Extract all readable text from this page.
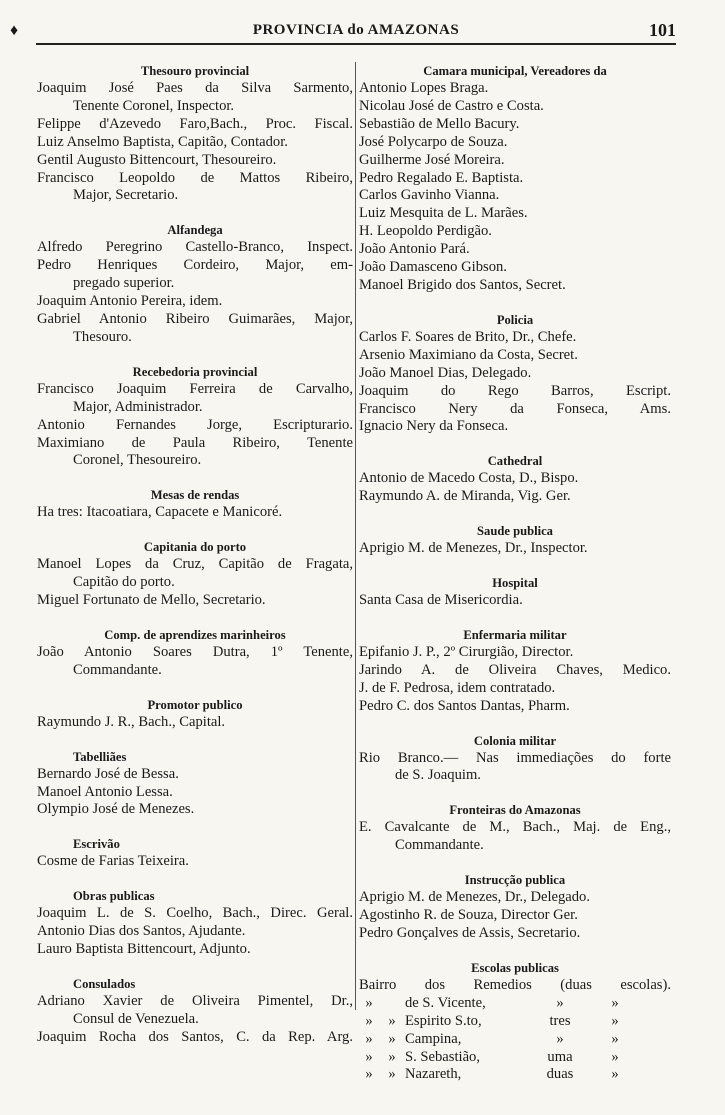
♦	PROVINCIA do AMAZONAS	101
Thesouro provincial
Joaquim José Paes da Silva Sarmento,
Tenente Coronel, Inspector.
Felippe d'Azevedo Faro,Bach., Proc. Fiscal.
Luiz Anselmo Baptista, Capitão, Contador.
Gentil Augusto Bittencourt, Thesoureiro.
Francisco Leopoldo de Mattos Ribeiro,
Major, Secretario.
Alfandega
Alfredo Peregrino Castello-Branco, Inspect.
Pedro Henriques Cordeiro, Major, em-
pregado superior.
Joaquim Antonio Pereira, idem.
Gabriel Antonio Ribeiro Guimarães, Major,
Thesouro.
Recebedoria provincial
Francisco Joaquim Ferreira de Carvalho,
Major, Administrador.
Antonio Fernandes Jorge, Escripturario.
Maximiano de Paula Ribeiro, Tenente
Coronel, Thesoureiro.
Mesas de rendas
Ha tres: Itacoatiara, Capacete e Manicoré.
Capitania do porto
Manoel Lopes da Cruz, Capitão de Fragata,
Capitão do porto.
Miguel Fortunato de Mello, Secretario.
Comp. de aprendizes marinheiros
João Antonio Soares Dutra, 1º Tenente,
Commandante.
Promotor publico
Raymundo J. R., Bach., Capital.
Tabelliães
Bernardo José de Bessa.
Manoel Antonio Lessa.
Olympio José de Menezes.
Escrivão
Cosme de Farias Teixeira.
Obras publicas
Joaquim L. de S. Coelho, Bach., Direc. Geral.
Antonio Dias dos Santos, Ajudante.
Lauro Baptista Bittencourt, Adjunto.
Consulados
Adriano Xavier de Oliveira Pimentel, Dr.,
Consul de Venezuela.
Joaquim Rocha dos Santos, C. da Rep. Arg.
Camara municipal, Vereadores da
Antonio Lopes Braga.
Nicolau José de Castro e Costa.
Sebastião de Mello Bacury.
José Polycarpo de Souza.
Guilherme José Moreira.
Pedro Regalado E. Baptista.
Carlos Gavinho Vianna.
Luiz Mesquita de L. Marães.
H. Leopoldo Perdigão.
João Antonio Pará.
João Damasceno Gibson.
Manoel Brigido dos Santos, Secret.
Policia
Carlos F. Soares de Brito, Dr., Chefe.
Arsenio Maximiano da Costa, Secret.
João Manoel Dias, Delegado.
Joaquim do Rego Barros, Escript.
Francisco Nery da Fonseca, Ams.
Ignacio Nery da Fonseca.
Cathedral
Antonio de Macedo Costa, D., Bispo.
Raymundo A. de Miranda, Vig. Ger.
Saude publica
Aprigio M. de Menezes, Dr., Inspector.
Hospital
Santa Casa de Misericordia.
Enfermaria militar
Epifanio J. P., 2º Cirurgião, Director.
Jarindo A. de Oliveira Chaves, Medico.
J. de F. Pedrosa, idem contratado.
Pedro C. dos Santos Dantas, Pharm.
Colonia militar
Rio Branco.— Nas immediações do forte
de S. Joaquim.
Fronteiras do Amazonas
E. Cavalcante de M., Bach., Maj. de Eng.,
Commandante.
Instrucção publica
Aprigio M. de Menezes, Dr., Delegado.
Agostinho R. de Souza, Director Ger.
Pedro Gonçalves de Assis, Secretario.
Escolas publicas
Bairro dos Remedios (duas escolas).
»	de S. Vicente,	»	»
»	» Espirito S.to,	tres	»
»	» Campina,	»	»
»	» S. Sebastião,	uma	»
»	» Nazareth,	duas	»
